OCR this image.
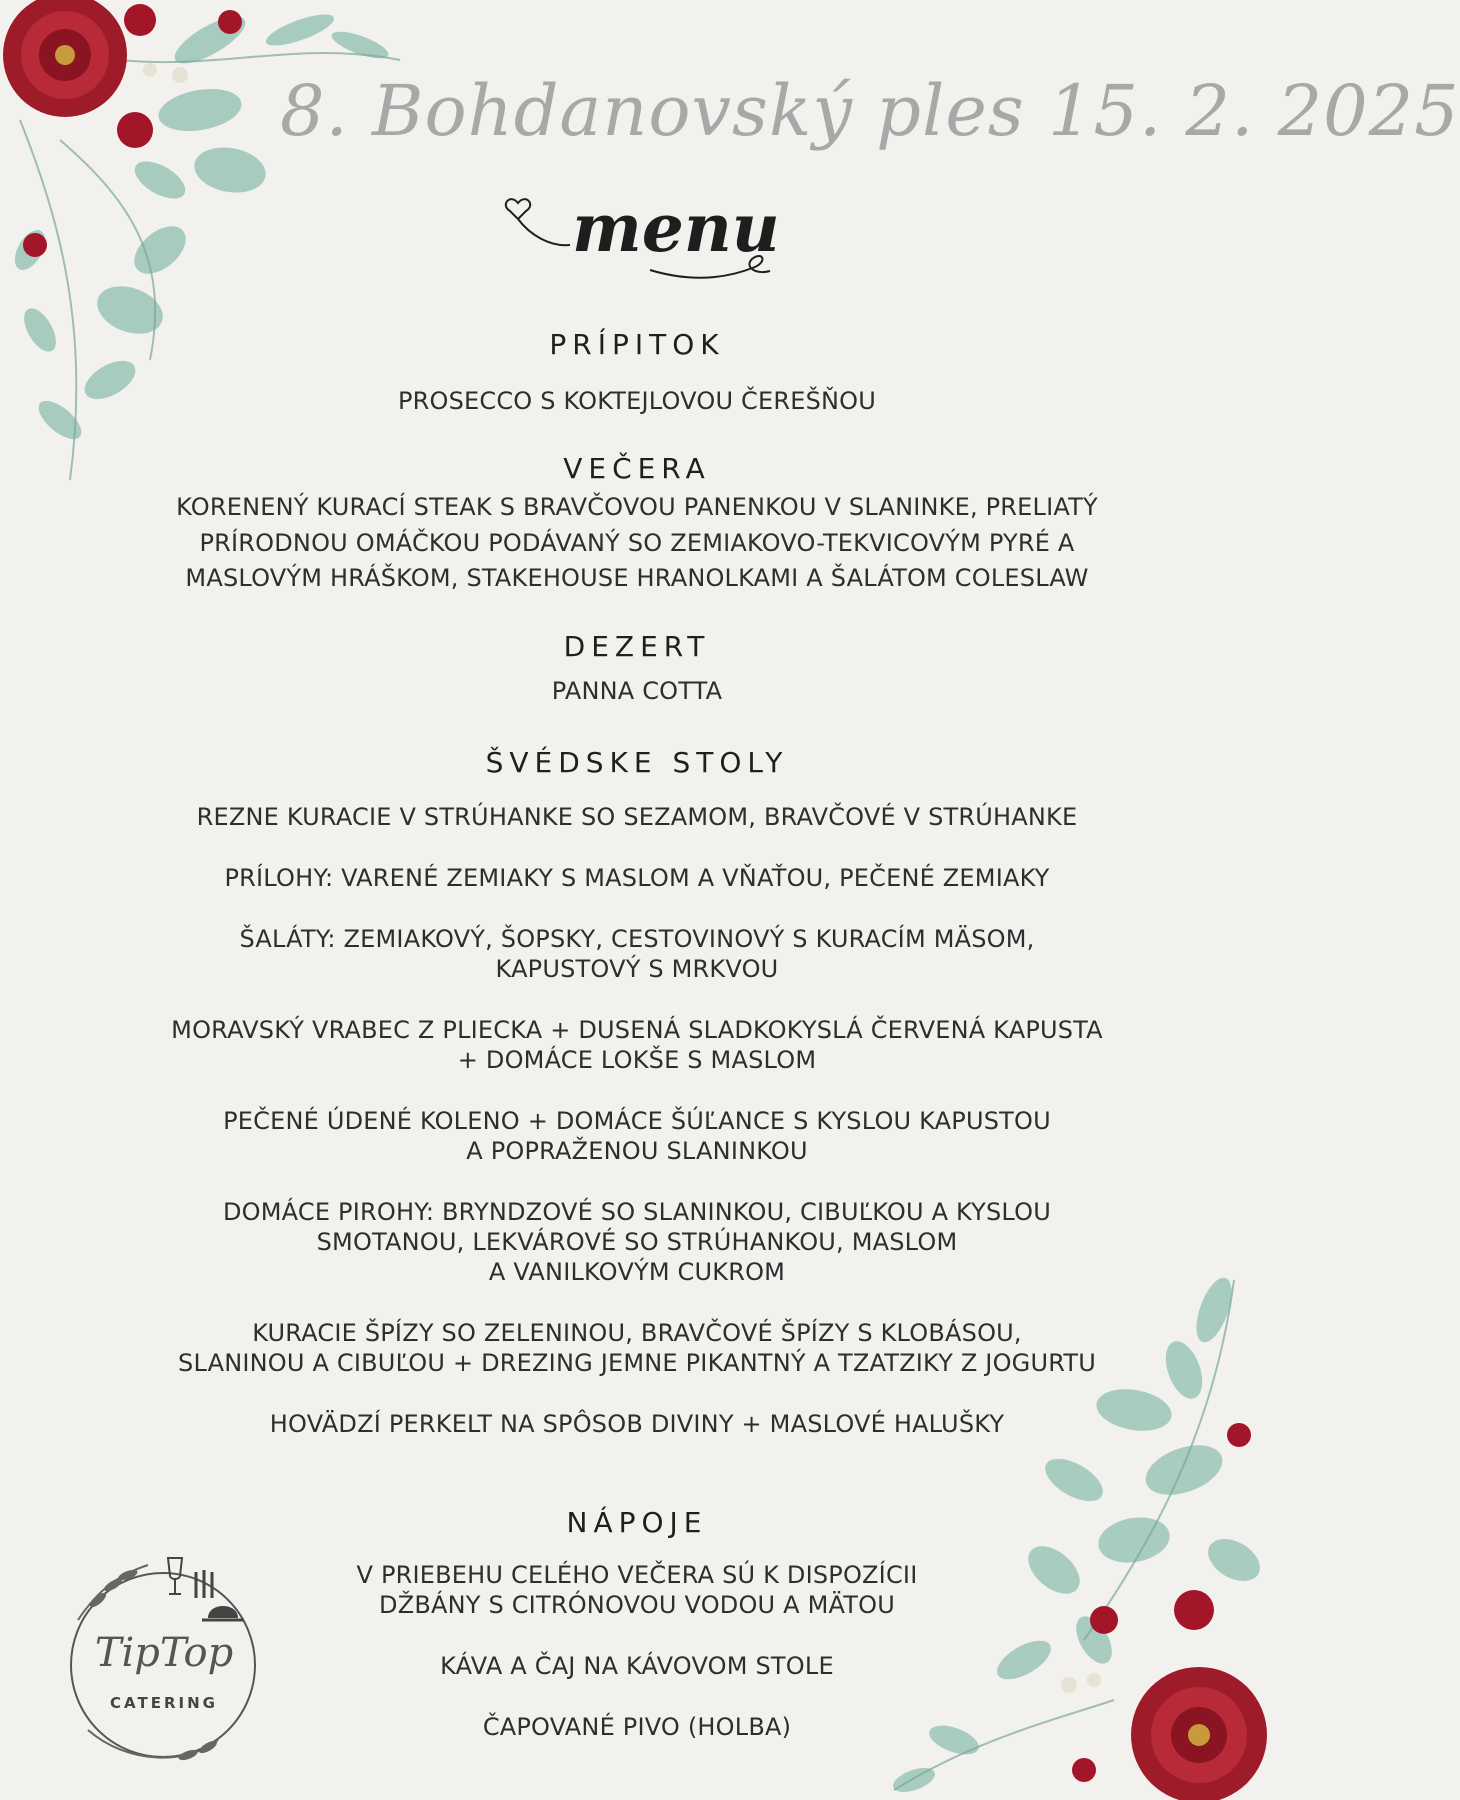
8. Bohdanovský ples 15. 2. 2025
menu
PRÍPITOK
PROSECCO S KOKTEJLOVOU ČEREŠŇOU
VEČERA
KORENENÝ KURACÍ STEAK S BRAVČOVOU PANENKOU V SLANINKE, PRELIATÝ
PRÍRODNOU OMÁČKOU PODÁVANÝ SO ZEMIAKOVO-TEKVICOVÝM PYRÉ A
MASLOVÝM HRÁŠKOM, STAKEHOUSE HRANOLKAMI A ŠALÁTOM COLESLAW
DEZERT
PANNA COTTA
ŠVÉDSKE STOLY
REZNE KURACIE V STRÚHANKE SO SEZAMOM, BRAVČOVÉ V STRÚHANKE
PRÍLOHY: VARENÉ ZEMIAKY S MASLOM A VŇAŤOU, PEČENÉ ZEMIAKY
ŠALÁTY: ZEMIAKOVÝ, ŠOPSKY, CESTOVINOVÝ S KURACÍM MÄSOM,
KAPUSTOVÝ S MRKVOU
MORAVSKÝ VRABEC Z PLIECKA + DUSENÁ SLADKOKYSLÁ ČERVENÁ KAPUSTA
+ DOMÁCE LOKŠE S MASLOM
PEČENÉ ÚDENÉ KOLENO + DOMÁCE ŠÚĽANCE S KYSLOU KAPUSTOU
A POPRAŽENOU SLANINKOU
DOMÁCE PIROHY: BRYNDZOVÉ SO SLANINKOU, CIBUĽKOU A KYSLOU
SMOTANOU, LEKVÁROVÉ SO STRÚHANKOU, MASLOM
A VANILKOVÝM CUKROM
KURACIE ŠPÍZY SO ZELENINOU, BRAVČOVÉ ŠPÍZY S KLOBÁSOU,
SLANINOU A CIBUĽOU + DREZING JEMNE PIKANTNÝ A TZATZIKY Z JOGURTU
HOVÄDZÍ PERKELT NA SPÔSOB DIVINY + MASLOVÉ HALUŠKY
NÁPOJE
V PRIEBEHU CELÉHO VEČERA SÚ K DISPOZÍCII
DŽBÁNY S CITRÓNOVOU VODOU A MÄTOU
KÁVA A ČAJ NA KÁVOVOM STOLE
ČAPOVANÉ PIVO (HOLBA)
TipTop
CATERING
